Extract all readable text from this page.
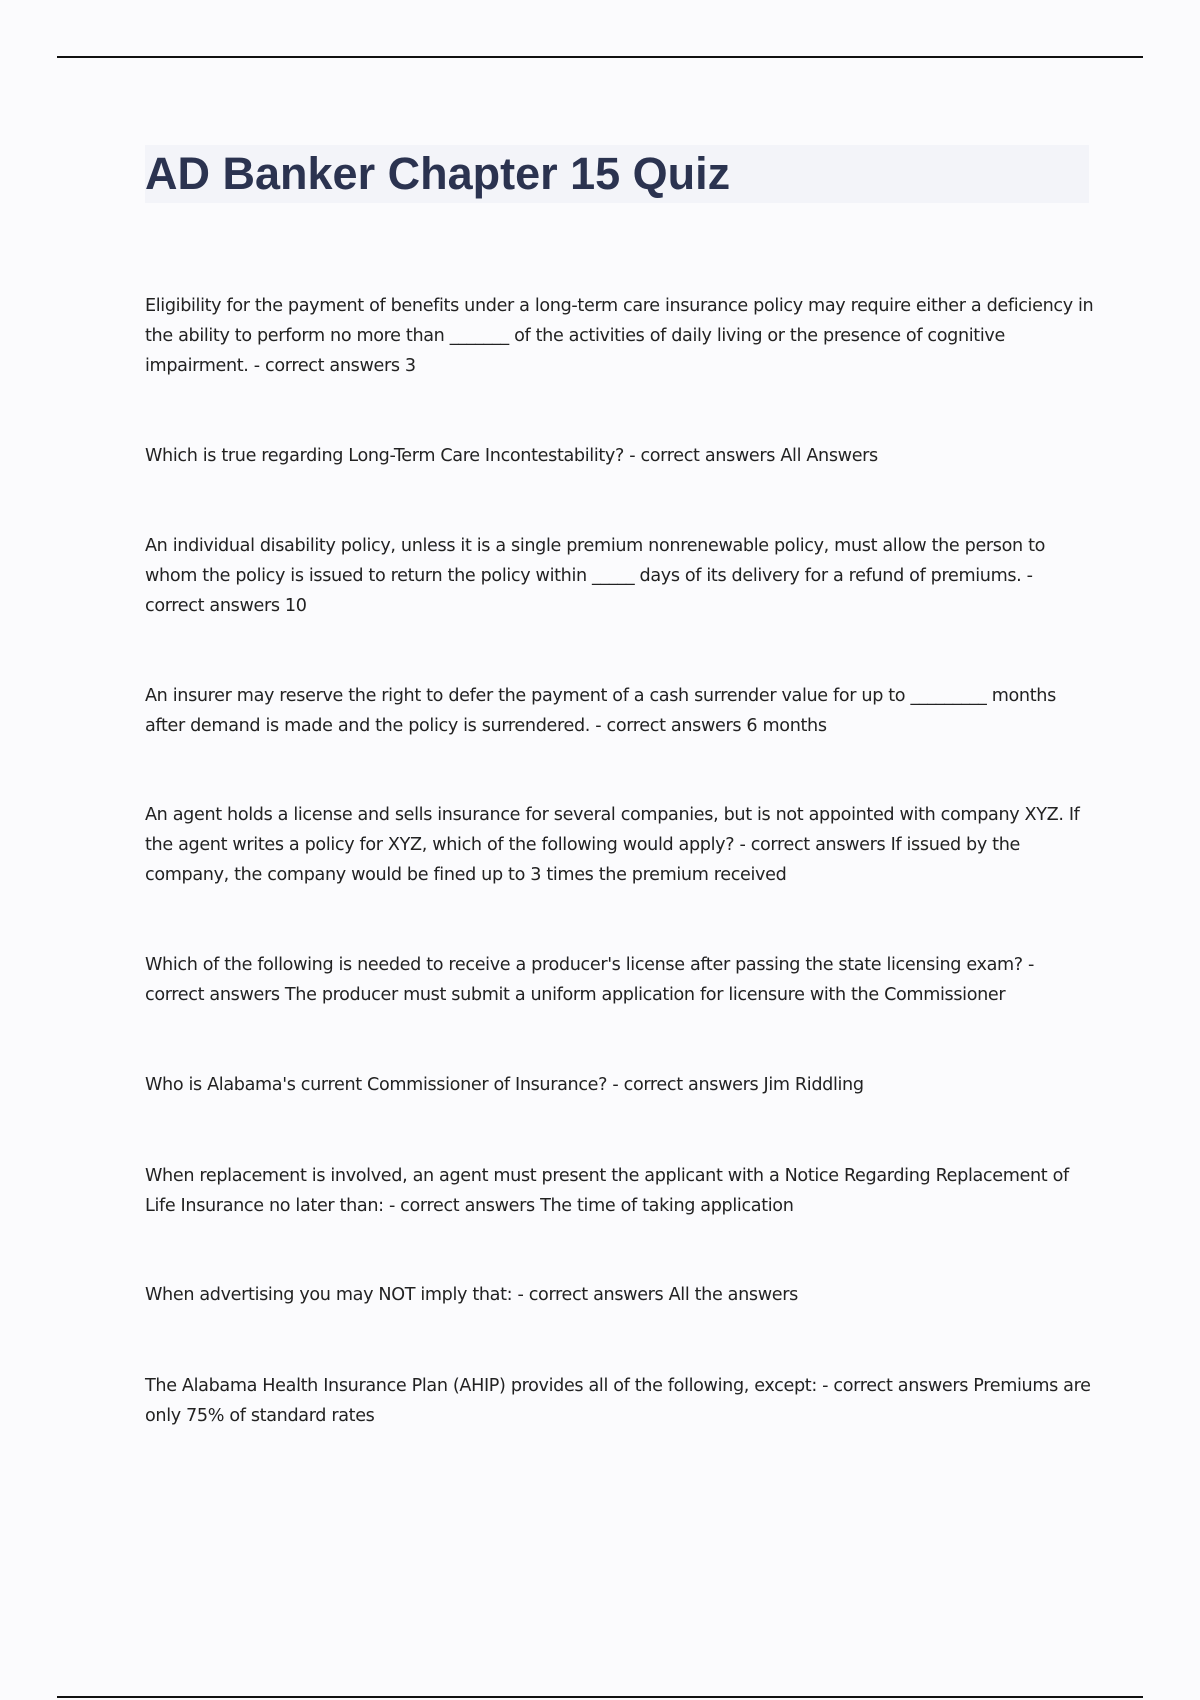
AD Banker Chapter 15 Quiz

Eligibility for the payment of benefits under a long-term care insurance policy may require either a deficiency in the ability to perform no more than _______ of the activities of daily living or the presence of cognitive impairment. - correct answers 3

Which is true regarding Long-Term Care Incontestability? - correct answers All Answers

An individual disability policy, unless it is a single premium nonrenewable policy, must allow the person to whom the policy is issued to return the policy within _____ days of its delivery for a refund of premiums. - correct answers 10

An insurer may reserve the right to defer the payment of a cash surrender value for up to _________ months after demand is made and the policy is surrendered. - correct answers 6 months

An agent holds a license and sells insurance for several companies, but is not appointed with company XYZ. If the agent writes a policy for XYZ, which of the following would apply? - correct answers If issued by the company, the company would be fined up to 3 times the premium received

Which of the following is needed to receive a producer's license after passing the state licensing exam? - correct answers The producer must submit a uniform application for licensure with the Commissioner

Who is Alabama's current Commissioner of Insurance? - correct answers Jim Riddling

When replacement is involved, an agent must present the applicant with a Notice Regarding Replacement of Life Insurance no later than: - correct answers The time of taking application

When advertising you may NOT imply that: - correct answers All the answers

The Alabama Health Insurance Plan (AHIP) provides all of the following, except: - correct answers Premiums are only 75% of standard rates
